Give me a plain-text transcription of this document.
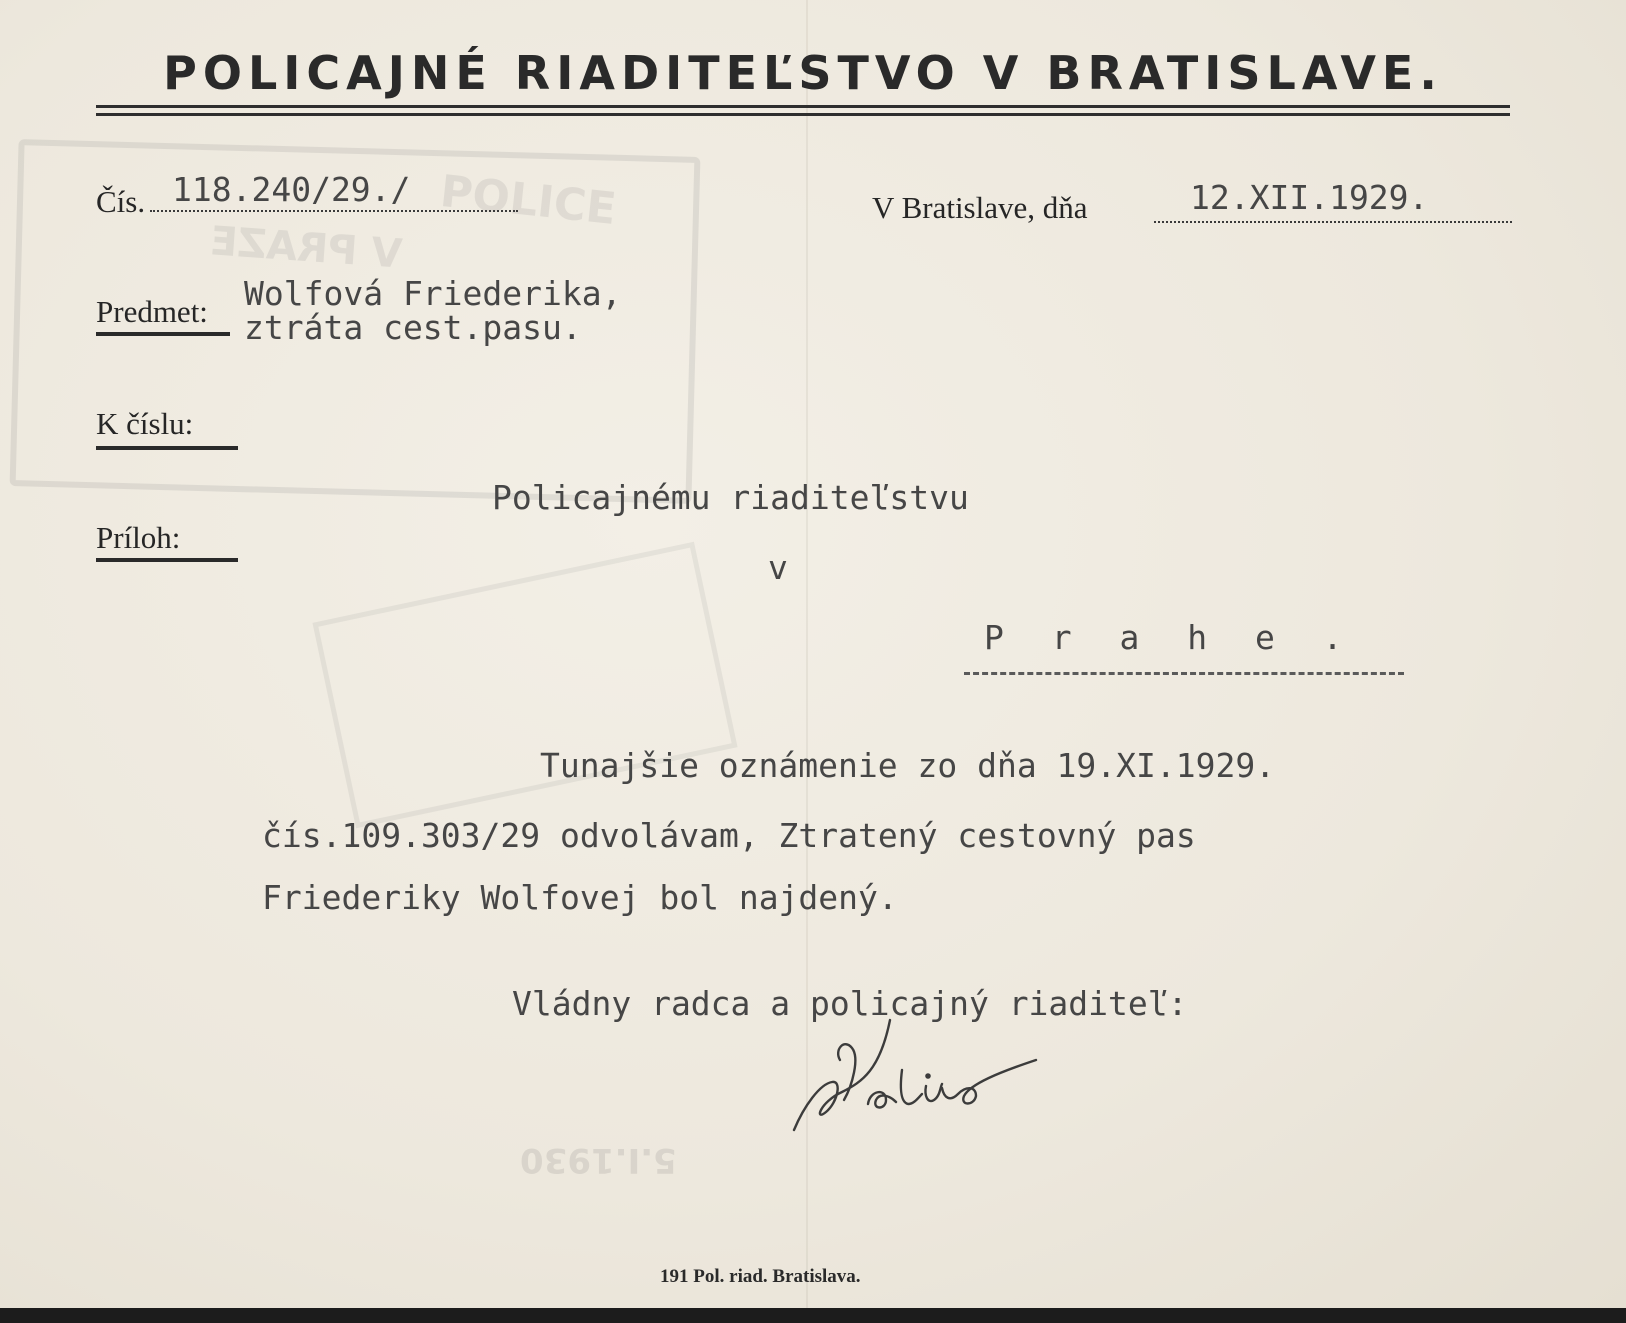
POLICE
V PRAZE
5.I.1930
POLICAJNÉ RIADITEĽSTVO V BRATISLAVE.
Čís. 118.240/29./	V Bratislave, dňa	12.XII.1929.
Predmet: Wolfová Friederika,
ztráta cest.pasu.
K číslu:
Príloh:
Policajnému riaditeľstvu
v
P r a h e .
Tunajšie oznámenie zo dňa 19.XI.1929.
čís.109.303/29 odvolávam, Ztratený cestovný pas
Friederiky Wolfovej bol najdený.
Vládny radca a policajný riaditeľ:
191 Pol. riad. Bratislava.
